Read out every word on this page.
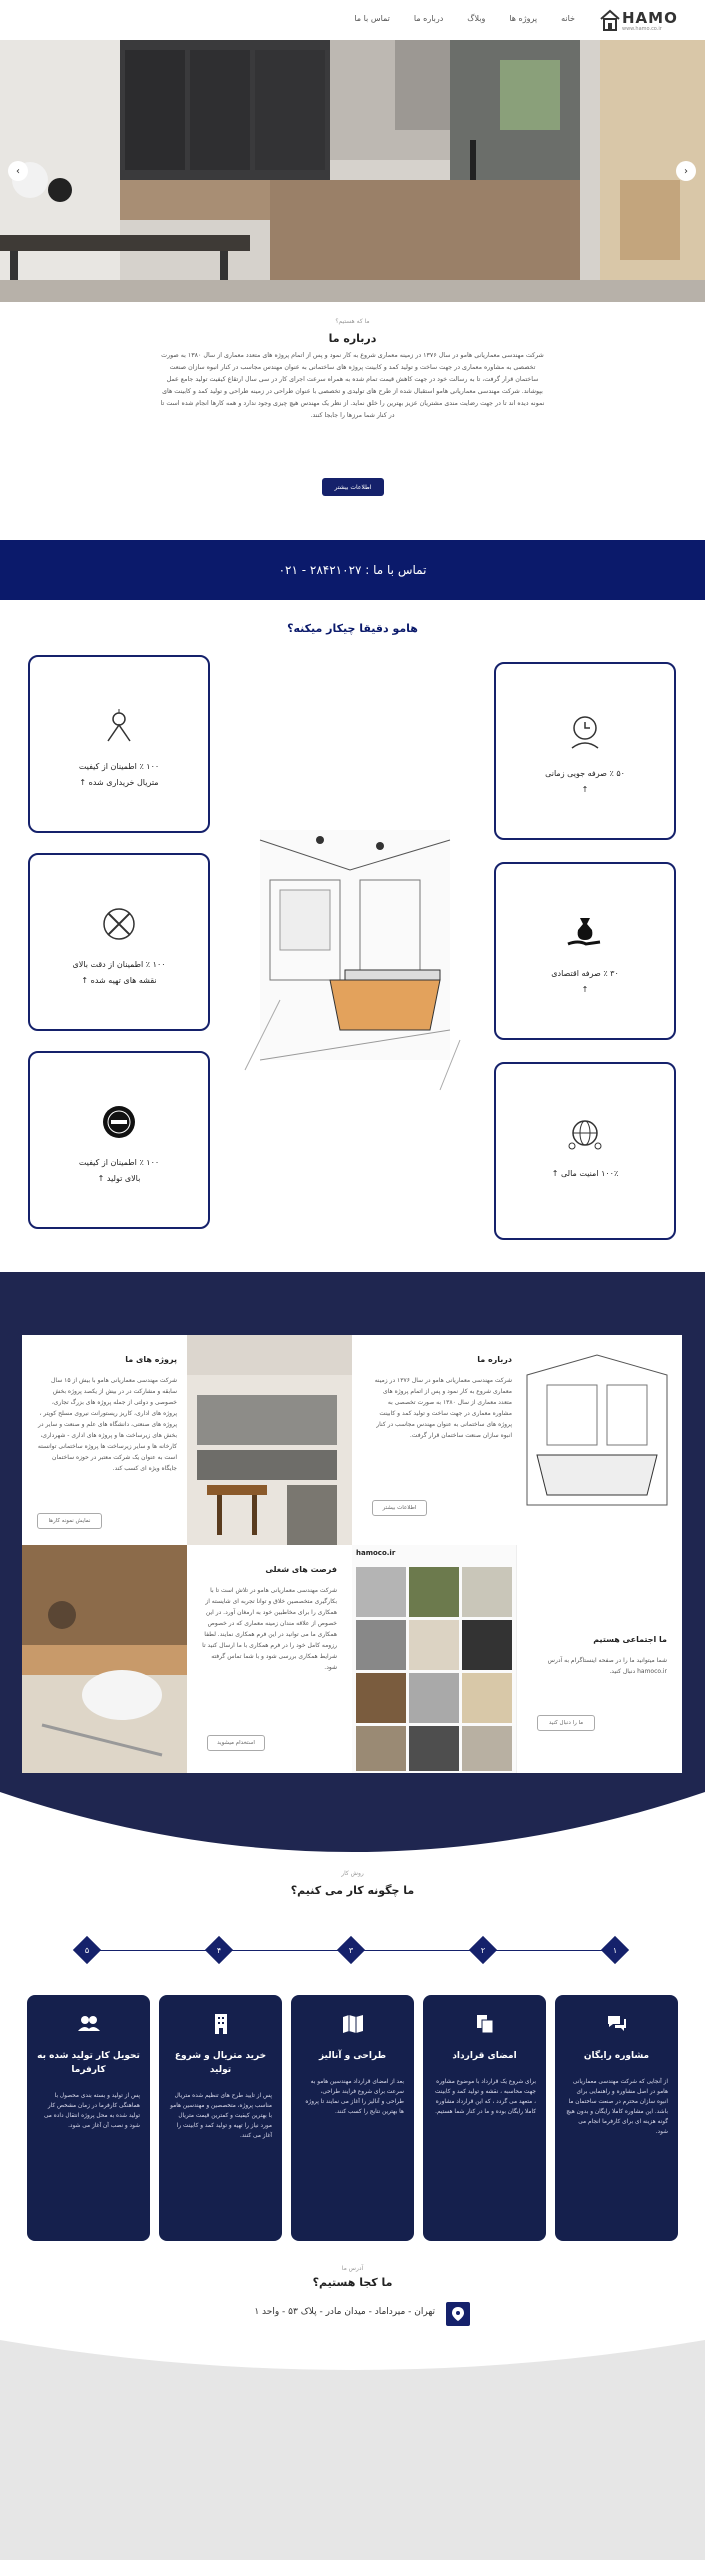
HAMO
www.hamo.co.ir
خانه
پروژه ها
وبلاگ
درباره ما
تماس با ما
‹	›
ما که هستیم؟
درباره ما
شرکت مهندسی معماریانی هامو در سال ۱۳۷۶ در زمینه معماری شروع به کار نمود و پس از اتمام پروژه های متعدد معماری از سال ۱۳۸۰ به صورت تخصصی به مشاوره معماری در جهت ساخت و تولید کمد و کابینت پروژه های ساختمانی به عنوان مهندس مجاسب در کنار انبوه سازان صنعت ساختمان قرار گرفت، تا به رسالت خود در جهت کاهش قیمت تمام شده به همراه سرعت اجرای کار در سی سال ارتقاع کیفیت تولید جامع عمل بپوشاند. شرکت مهندسی معماریانی هامو استقبال شده از طرح های تولیدی و تخصصی با عنوان طراحی در زمینه طراحی و تولید کمد و کابینت های نمونه دیده اند تا در جهت رضایت مندی مشتریان عزیز بهترین را خلق نماید. از نظر یک مهندس هیچ چیزی وجود ندارد و همه کارها انجام شده است تا در کنار شما مرزها را جابجا کنند.
اطلاعات بیشتر
تماس با ما : ۲۸۴۲۱۰۲۷ - ۰۲۱
هامو دقیقا چیکار میکنه؟
۱۰۰ ٪ اطمینان از کیفیت
متریال خریداری شده ↑
۱۰۰ ٪ اطمینان از دقت بالای
نقشه های تهیه شده ↑
۱۰۰ ٪ اطمینان از کیفیت
بالای تولید ↑
۵۰ ٪ صرفه جویی زمانی
↑
۳۰ ٪ صرفه اقتصادی
↑
۱۰۰٪ امنیت مالی ↑

درباره ما
شرکت مهندسی معماریانی هامو در سال ۱۳۷۶ در زمینه معماری شروع به کار نمود و پس از اتمام پروژه های متعدد معماری از سال ۱۳۸۰ به صورت تخصصی به مشاوره معماری در جهت ساخت و تولید کمد و کابینت پروژه های ساختمانی به عنوان مهندس مجاسب در کنار انبوه سازان صنعت ساختمان قرار گرفت.
اطلاعات بیشتر
پروژه های ما
شرکت مهندسی معماریانی هامو با بیش از ۱۵ سال سابقه و مشارکت در در بیش از یکصد پروژه بخش خصوصی و دولتی از جمله پروژه های بزرگ تجاری، پروژه های اداری، کاریز ریستورانت نیروی مسلح کوپتر ، پروژه های صنعتی، دانشگاه های علم و صنعت و سایر در بخش های زیرساخت ها و پروژه های اداری - شهرداری، کارخانه ها و سایر زیرساخت ها پروژه ساختمانی توانسته است به عنوان یک شرکت معتبر در حوزه ساختمان جایگاه ویژه ای کسب کند.
نمایش نمونه کارها
فرصت های شغلی
شرکت مهندسی معماریانی هامو در تلاش است تا با بکارگیری متخصصین خلاق و توانا تجربه ای شایسته از همکاری را برای مخاطبین خود به ارمغان آورد. در این خصوص از علاقه مندان زمینه معماری که در خصوص همکاری ما می توانید در این فرم همکاری نمایند. لطفا رزومه کامل خود را در فرم همکاری با ما ارسال کنید تا شرایط همکاری بررسی شود و با شما تماس گرفته شود.
استخدام میشوید
hamoco.ir
ما اجتماعی هستیم
شما میتوانید ما را در صفحه اینستاگرام به آدرس hamoco.ir دنبال کنید.
ما را دنبال کنید
روش کار
ما چگونه کار می کنیم؟
۱
۲
۳
۴
۵
مشاوره رایگان
از آنجایی که شرکت مهندسی معماریانی هامو در اصل مشاوره و راهنمایی برای انبوه سازان محترم در صنعت ساختمان ما باشد. این مشاوره کاملا رایگان و بدون هیچ گونه هزینه ای برای کارفرما انجام می شود.
امضای قرارداد
برای شروع یک قرارداد با موضوع مشاوره جهت محاسبه ، نقشه و تولید کمد و کابینت ، متعهد می گردد ، که این قرارداد مشاوره کاملا رایگان بوده و ما در کنار شما هستیم.
طراحی و آنالیز
بعد از امضای قرارداد مهندسین هامو به سرعت برای شروع فرایند طراحی، طراحی و آنالیز را آغاز می نمایند تا پروژه ها بهترین نتایج را کسب کنند.
خرید متریال و شروع تولید
پس از تایید طرح های تنظیم شده متریال مناسب پروژه، متخصصین و مهندسین هامو با بهترین کیفیت و کمترین قیمت متریال مورد نیاز را تهیه و تولید کمد و کابینت را آغاز می کنند.
تحویل کار تولید شده به کارفرما
پس از تولید و بسته بندی محصول با هماهنگی کارفرما در زمان مشخص کار تولید شده به محل پروژه انتقال داده می شود و نصب آن آغاز می شود.
آدرس ما
ما کجا هستیم؟
تهران - میرداماد - میدان مادر - پلاک ۵۳ - واحد ۱
